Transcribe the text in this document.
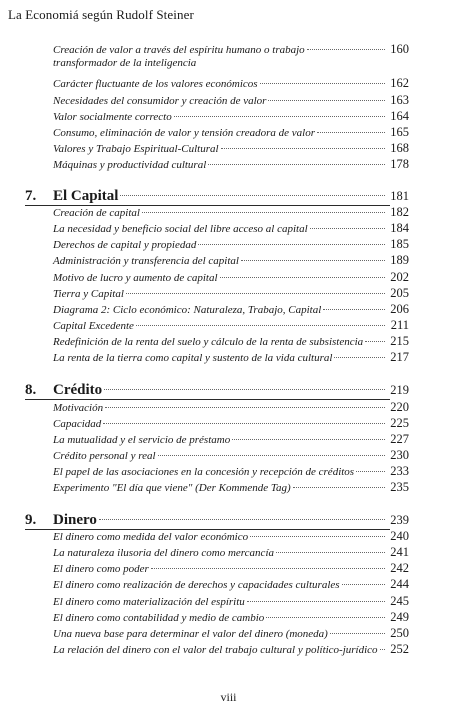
La Economiá según Rudolf Steiner
Creación de valor a través del espíritu humano o trabajo
transformador de la inteligencia
160
Carácter fluctuante de los valores económicos	162
Necesidades del consumidor y creación de valor	163
Valor socialmente correcto	164
Consumo, eliminación de valor y tensión creadora de valor	165
Valores y Trabajo Espiritual-Cultural	168
Máquinas y productividad cultural	178
7.	El Capital	181
Creación de capital	182
La necesidad y beneficio social del libre acceso al capital	184
Derechos de capital y propiedad	185
Administración y transferencia del capital	189
Motivo de lucro y aumento de capital	202
Tierra y Capital	205
Diagrama 2: Ciclo económico: Naturaleza, Trabajo, Capital	206
Capital Excedente	211
Redefinición de la renta del suelo y cálculo de la renta de subsistencia 215
La renta de la tierra como capital y sustento de la vida cultural	217
8.	Crédito	219
Motivación	220
Capacidad	225
La mutualidad y el servicio de préstamo	227
Crédito personal y real	230
El papel de las asociaciones en la concesión y recepción de créditos	233
Experimento "El día que viene" (Der Kommende Tag)	235
9.	Dinero	239
El dinero como medida del valor económico	240
La naturaleza ilusoria del dinero como mercancía	241
El dinero como poder	242
El dinero como realización de derechos y capacidades culturales	244
El dinero como materialización del espíritu	245
El dinero como contabilidad y medio de cambio	249
Una nueva base para determinar el valor del dinero (moneda)	250
La relación del dinero con el valor del trabajo cultural y político-jurídico 252
viii
